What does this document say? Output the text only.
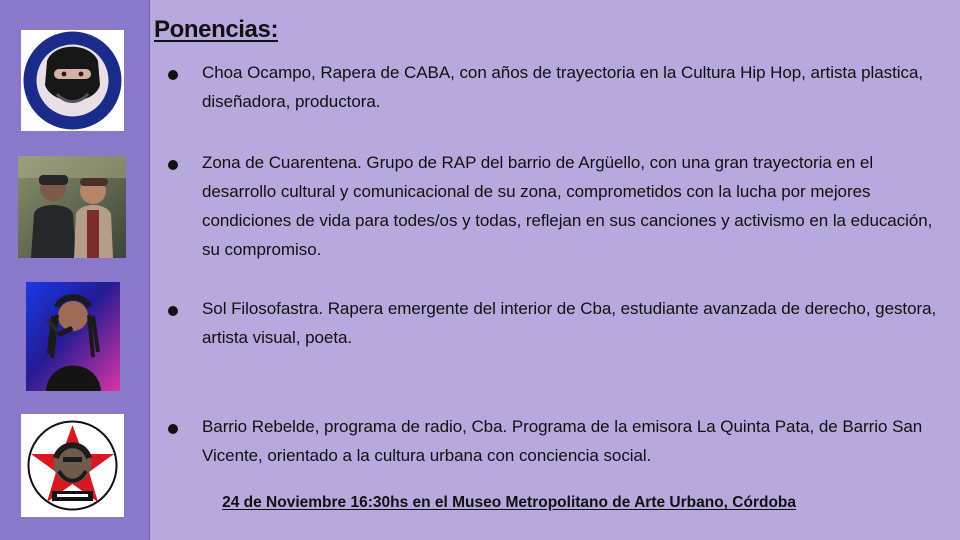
Ponencias:

Choa Ocampo, Rapera de CABA, con años de trayectoria en la Cultura Hip Hop, artista plastica, diseñadora, productora.

Zona de Cuarentena. Grupo de RAP del barrio de Argüello, con una gran trayectoria en el desarrollo cultural y comunicacional de su zona, comprometidos con la lucha por mejores condiciones de vida para todes/os y todas, reflejan en sus canciones y activismo en la educación, su compromiso.

Sol Filosofastra. Rapera emergente del interior de Cba, estudiante avanzada de derecho, gestora, artista visual, poeta.

Barrio Rebelde, programa de radio, Cba. Programa de la emisora La Quinta Pata, de Barrio San Vicente, orientado a la cultura urbana con conciencia social.

24 de Noviembre 16:30hs en el Museo Metropolitano de Arte Urbano, Córdoba
